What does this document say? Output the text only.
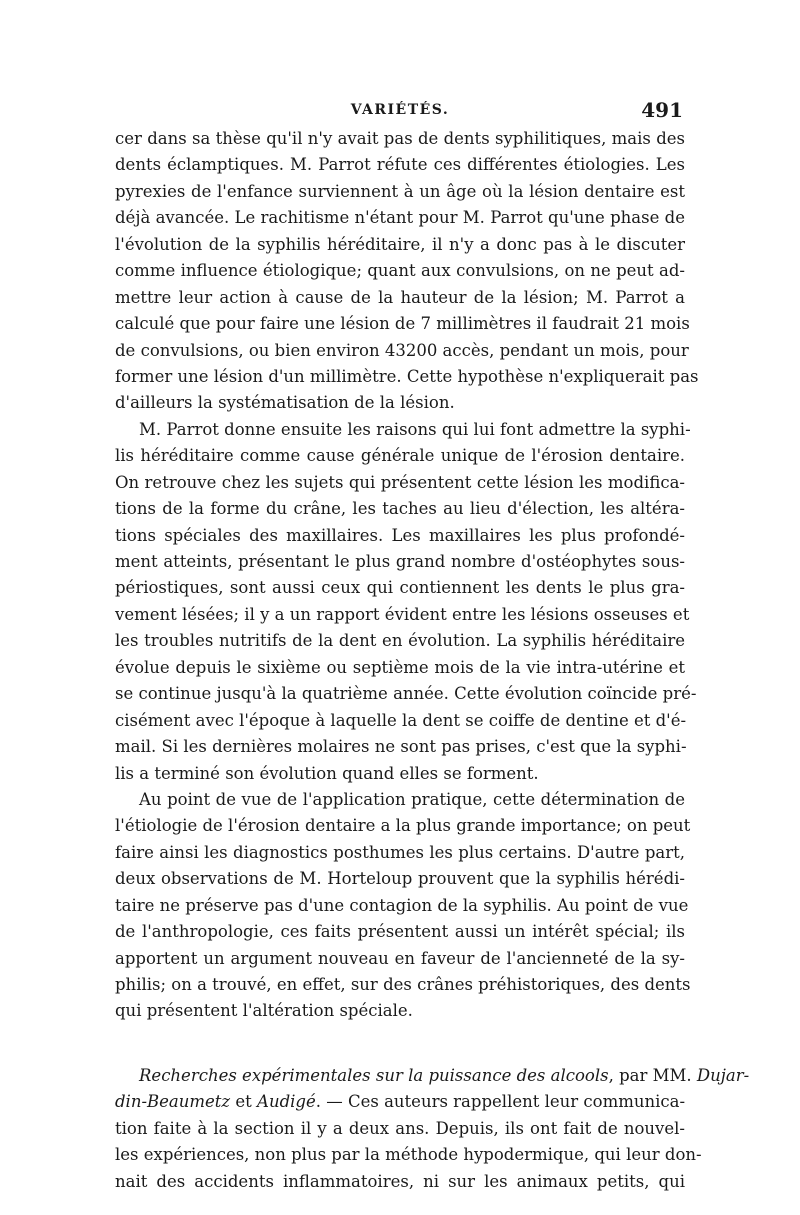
VARIÉTÉS.	491
cer dans sa thèse qu'il n'y avait pas de dents syphilitiques, mais des
dents éclamptiques. M. Parrot réfute ces différentes étiologies. Les
pyrexies de l'enfance surviennent à un âge où la lésion dentaire est
déjà avancée. Le rachitisme n'étant pour M. Parrot qu'une phase de
l'évolution de la syphilis héréditaire, il n'y a donc pas à le discuter
comme influence étiologique; quant aux convulsions, on ne peut ad-
mettre leur action à cause de la hauteur de la lésion; M. Parrot a
calculé que pour faire une lésion de 7 millimètres il faudrait 21 mois
de convulsions, ou bien environ 43200 accès, pendant un mois, pour
former une lésion d'un millimètre. Cette hypothèse n'expliquerait pas
d'ailleurs la systématisation de la lésion.
M. Parrot donne ensuite les raisons qui lui font admettre la syphi-
lis héréditaire comme cause générale unique de l'érosion dentaire.
On retrouve chez les sujets qui présentent cette lésion les modifica-
tions de la forme du crâne, les taches au lieu d'élection, les altéra-
tions spéciales des maxillaires. Les maxillaires les plus profondé-
ment atteints, présentant le plus grand nombre d'ostéophytes sous-
périostiques, sont aussi ceux qui contiennent les dents le plus gra-
vement lésées; il y a un rapport évident entre les lésions osseuses et
les troubles nutritifs de la dent en évolution. La syphilis héréditaire
évolue depuis le sixième ou septième mois de la vie intra-utérine et
se continue jusqu'à la quatrième année. Cette évolution coïncide pré-
cisément avec l'époque à laquelle la dent se coiffe de dentine et d'é-
mail. Si les dernières molaires ne sont pas prises, c'est que la syphi-
lis a terminé son évolution quand elles se forment.
Au point de vue de l'application pratique, cette détermination de
l'étiologie de l'érosion dentaire a la plus grande importance; on peut
faire ainsi les diagnostics posthumes les plus certains. D'autre part,
deux observations de M. Horteloup prouvent que la syphilis hérédi-
taire ne préserve pas d'une contagion de la syphilis. Au point de vue
de l'anthropologie, ces faits présentent aussi un intérêt spécial; ils
apportent un argument nouveau en faveur de l'ancienneté de la sy-
philis; on a trouvé, en effet, sur des crânes préhistoriques, des dents
qui présentent l'altération spéciale.
Recherches expérimentales sur la puissance des alcools, par MM. Dujar-
din-Beaumetz et Audigé. — Ces auteurs rappellent leur communica-
tion faite à la section il y a deux ans. Depuis, ils ont fait de nouvel-
les expériences, non plus par la méthode hypodermique, qui leur don-
nait des accidents inflammatoires, ni sur les animaux petits, qui
